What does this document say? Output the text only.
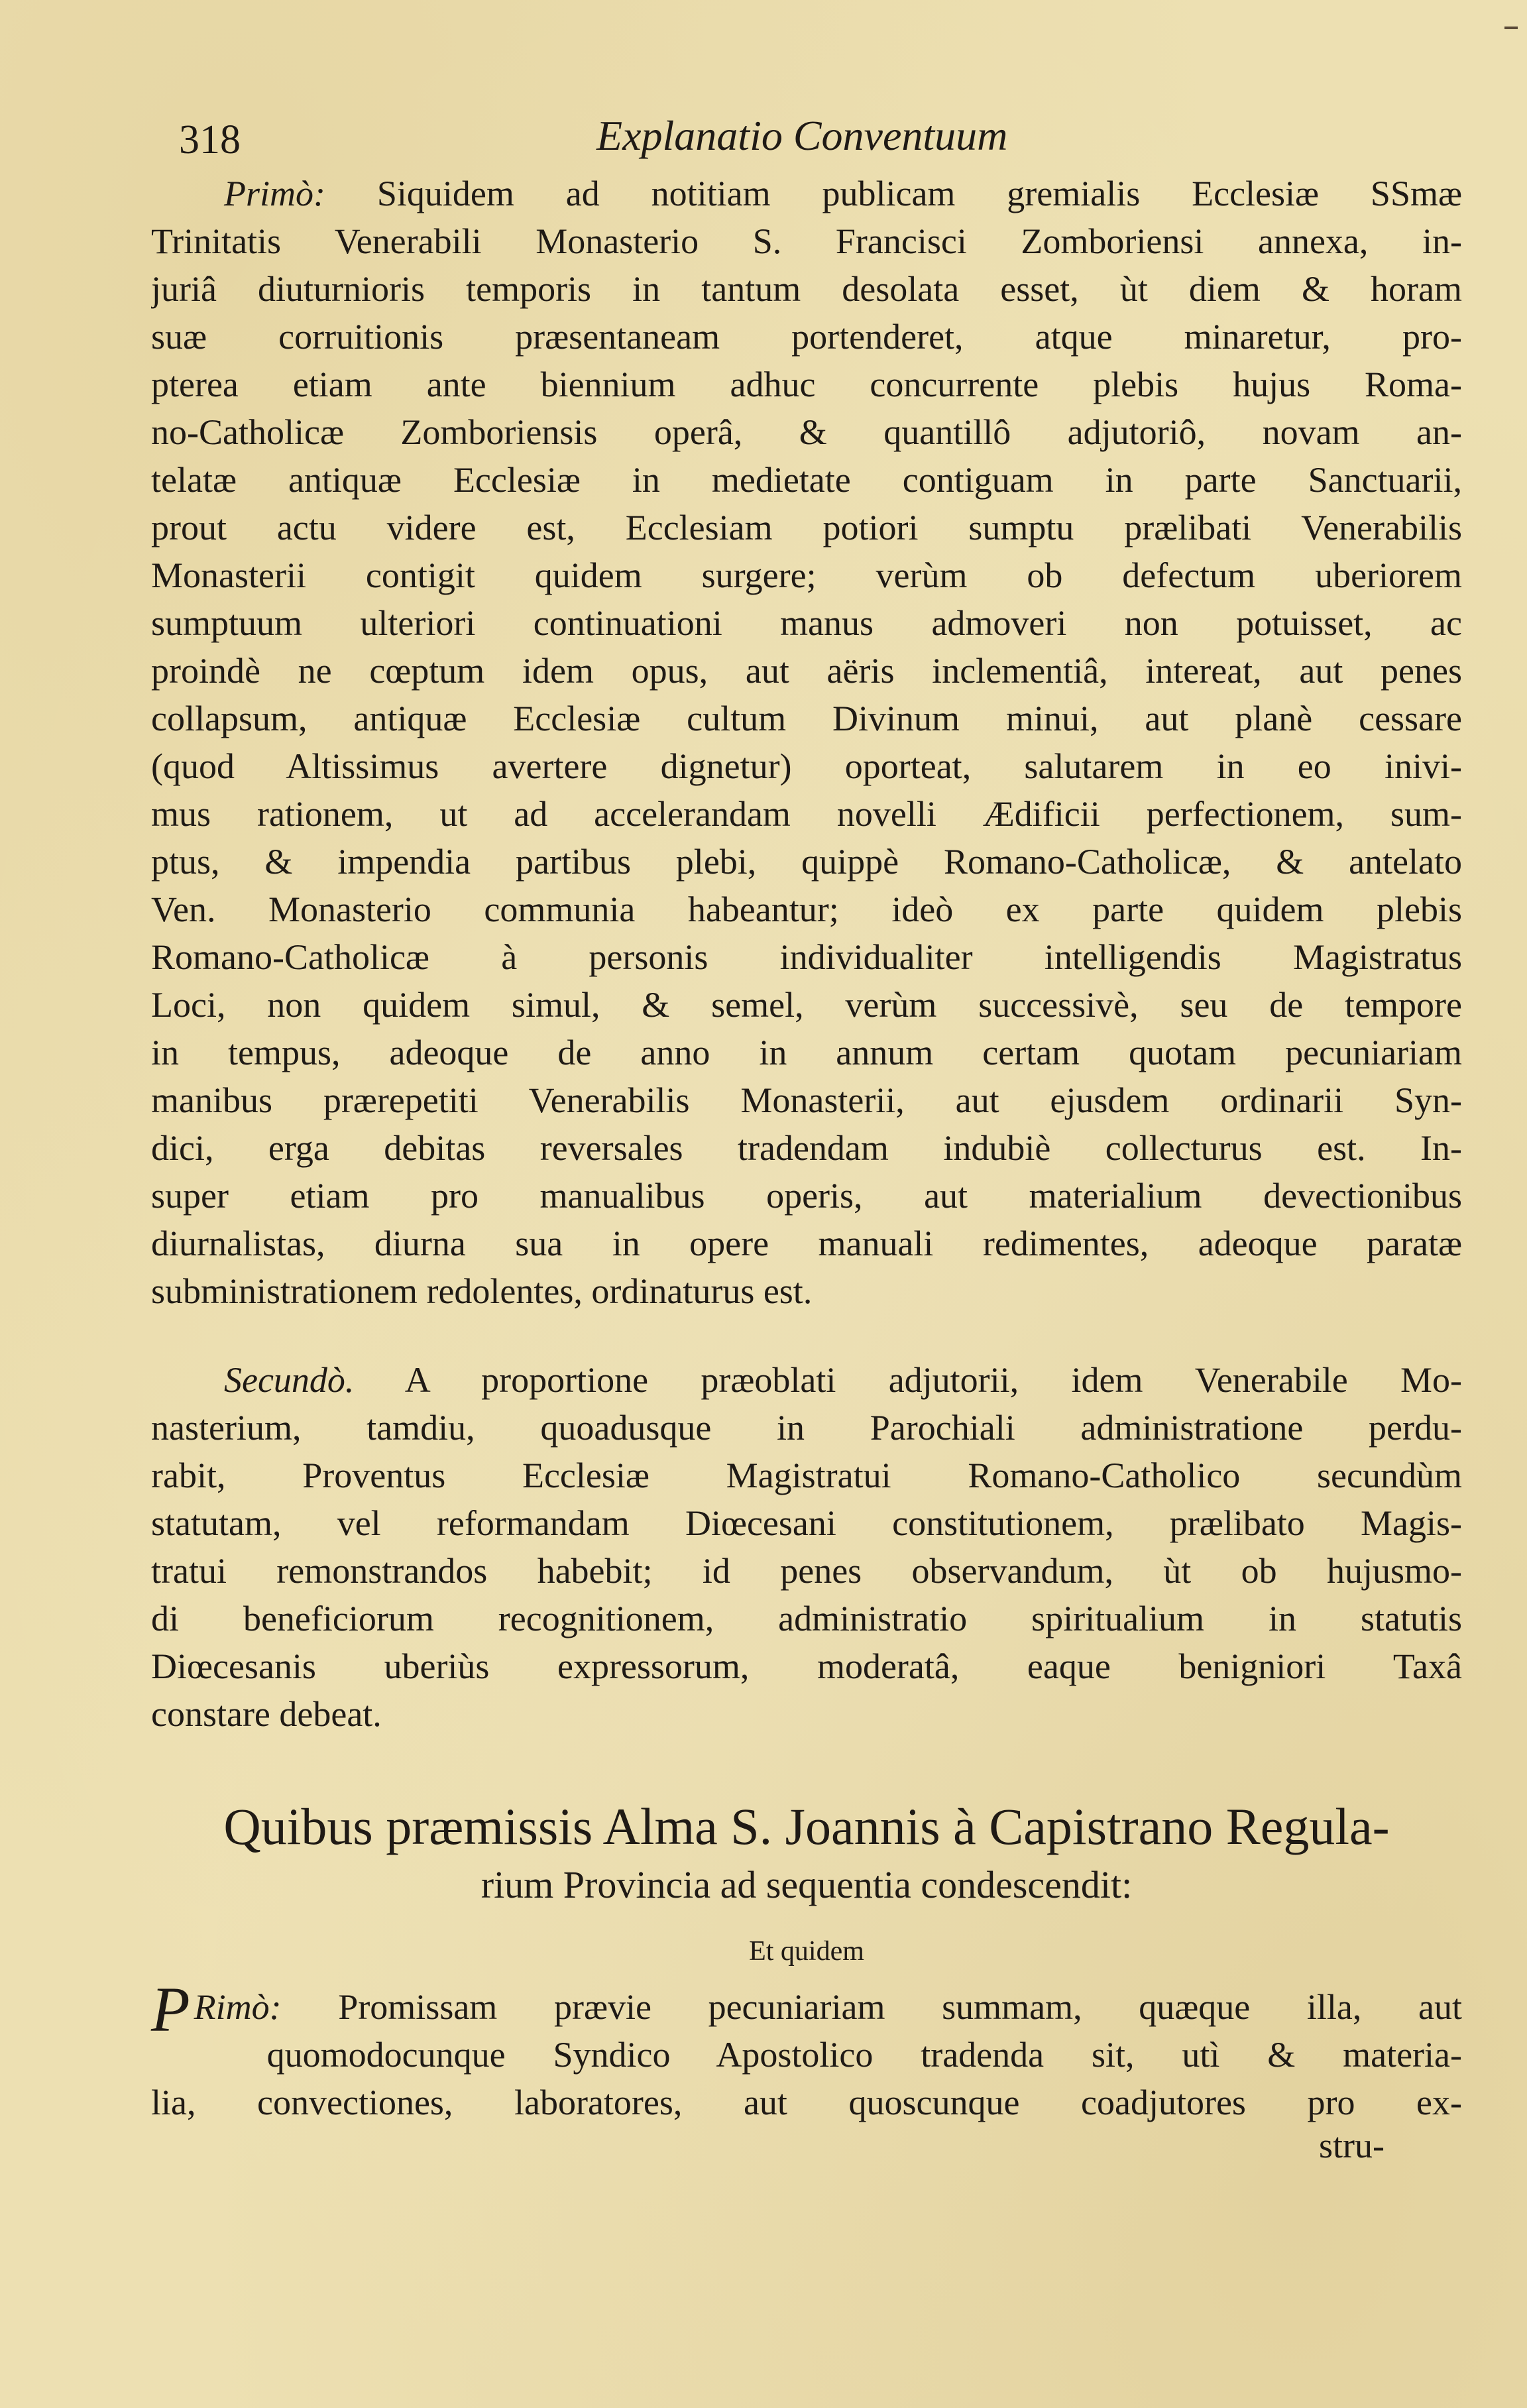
318	Explanatio Conventuum
Primò: Siquidem ad notitiam publicam gremialis Ecclesiæ SSmæ
Trinitatis Venerabili Monasterio S. Francisci Zomboriensi annexa, in-
juriâ diuturnioris temporis in tantum desolata esset, ùt diem & horam
suæ corruitionis præsentaneam portenderet, atque minaretur, pro-
pterea etiam ante biennium adhuc concurrente plebis hujus Roma-
no-Catholicæ Zomboriensis operâ, & quantillô adjutoriô, novam an-
telatæ antiquæ Ecclesiæ in medietate contiguam in parte Sanctuarii,
prout actu videre est, Ecclesiam potiori sumptu prælibati Venerabilis
Monasterii contigit quidem surgere; verùm ob defectum uberiorem
sumptuum ulteriori continuationi manus admoveri non potuisset, ac
proindè ne cœptum idem opus, aut aëris inclementiâ, intereat, aut penes
collapsum, antiquæ Ecclesiæ cultum Divinum minui, aut planè cessare
(quod Altissimus avertere dignetur) oporteat, salutarem in eo inivi-
mus rationem, ut ad accelerandam novelli Ædificii perfectionem, sum-
ptus, & impendia partibus plebi, quippè Romano-Catholicæ, & antelato
Ven. Monasterio communia habeantur; ideò ex parte quidem plebis
Romano-Catholicæ à personis individualiter intelligendis Magistratus
Loci, non quidem simul, & semel, verùm successivè, seu de tempore
in tempus, adeoque de anno in annum certam quotam pecuniariam
manibus prærepetiti Venerabilis Monasterii, aut ejusdem ordinarii Syn-
dici, erga debitas reversales tradendam indubiè collecturus est. In-
super etiam pro manualibus operis, aut materialium devectionibus
diurnalistas, diurna sua in opere manuali redimentes, adeoque paratæ
subministrationem redolentes, ordinaturus est.
Secundò. A proportione præoblati adjutorii, idem Venerabile Mo-
nasterium, tamdiu, quoadusque in Parochiali administratione perdu-
rabit, Proventus Ecclesiæ Magistratui Romano-Catholico secundùm
statutam, vel reformandam Diœcesani constitutionem, prælibato Magis-
tratui remonstrandos habebit; id penes observandum, ùt ob hujusmo-
di beneficiorum recognitionem, administratio spiritualium in statutis
Diœcesanis uberiùs expressorum, moderatâ, eaque benigniori Taxâ
constare debeat.
Quibus præmissis Alma S. Joannis à Capistrano Regula-
rium Provincia ad sequentia condescendit:
Et quidem
P Rimò: Promissam prævie pecuniariam summam, quæque illa, aut
quomodocunque Syndico Apostolico tradenda sit, utì & materia-
lia, convectiones, laboratores, aut quoscunque coadjutores pro ex-
stru-
